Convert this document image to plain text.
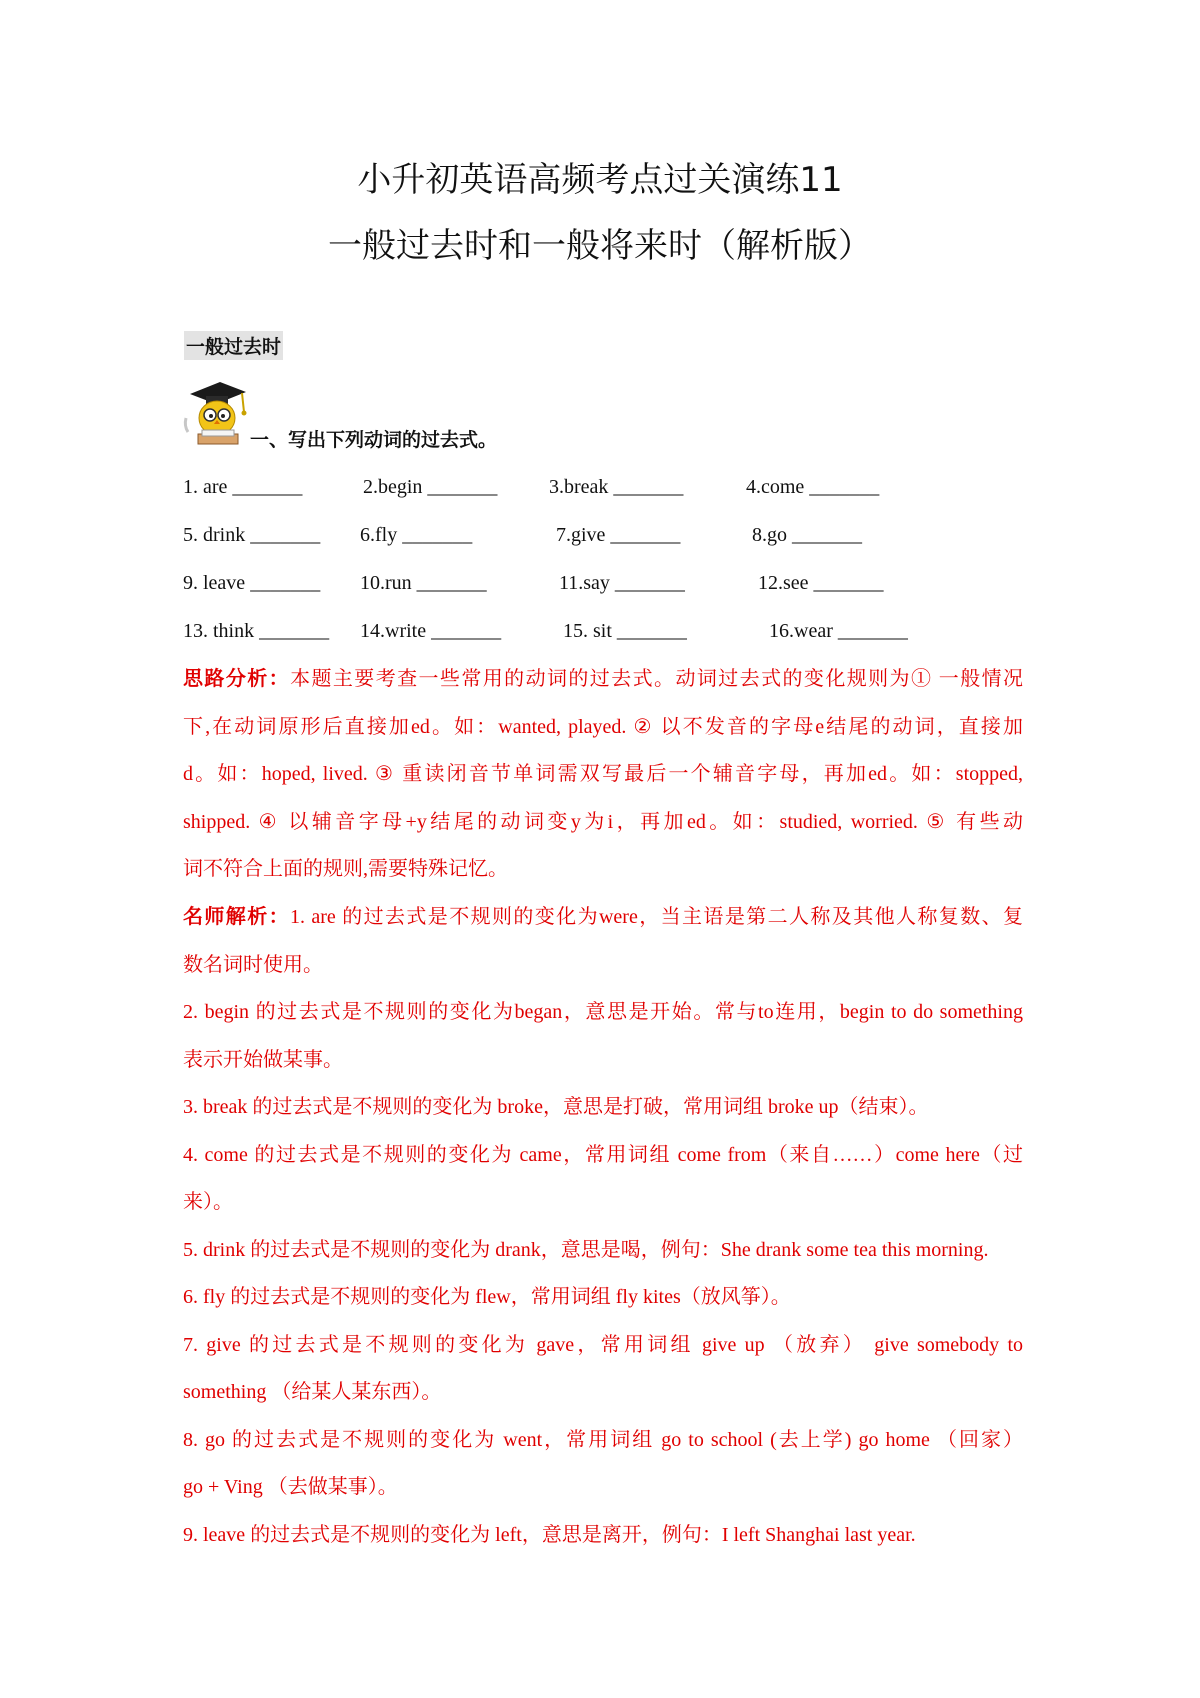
小升初英语高频考点过关演练11
一般过去时和一般将来时（解析版）
一般过去时
一、写出下列动词的过去式。
1. are _______	2.begin _______	3.break _______	4.come _______
5. drink _______ 6.fly _______	7.give _______	8.go _______
9. leave _______ 10.run _______	11.say _______	12.see _______
13. think _______ 14.write _______	15. sit _______	16.wear _______

思路分析：本题主要考查一些常用的动词的过去式。动词过去式的变化规则为① 一般情况

下,在动词原形后直接加ed。如：wanted, played. ② 以不发音的字母e结尾的动词，直接加

d。如：hoped, lived. ③ 重读闭音节单词需双写最后一个辅音字母，再加ed。如：stopped,

shipped. ④ 以辅音字母+y结尾的动词变y为i，再加ed。如：studied, worried. ⑤ 有些动

词不符合上面的规则,需要特殊记忆。

名师解析：1. are 的过去式是不规则的变化为were，当主语是第二人称及其他人称复数、复

数名词时使用。

2. begin 的过去式是不规则的变化为began，意思是开始。常与to连用，begin to do something

表示开始做某事。

3. break 的过去式是不规则的变化为 broke，意思是打破，常用词组 broke up（结束）。

4. come 的过去式是不规则的变化为 came，常用词组 come from（来自……）come here（过

来）。

5. drink 的过去式是不规则的变化为 drank，意思是喝，例句：She drank some tea this morning.

6. fly 的过去式是不规则的变化为 flew，常用词组 fly kites（放风筝）。

7. give 的过去式是不规则的变化为 gave，常用词组 give up （放弃） give somebody to

something （给某人某东西）。

8. go 的过去式是不规则的变化为 went，常用词组 go to school (去上学) go home （回家）

go + Ving （去做某事）。

9. leave 的过去式是不规则的变化为 left，意思是离开，例句：I left Shanghai last year.
